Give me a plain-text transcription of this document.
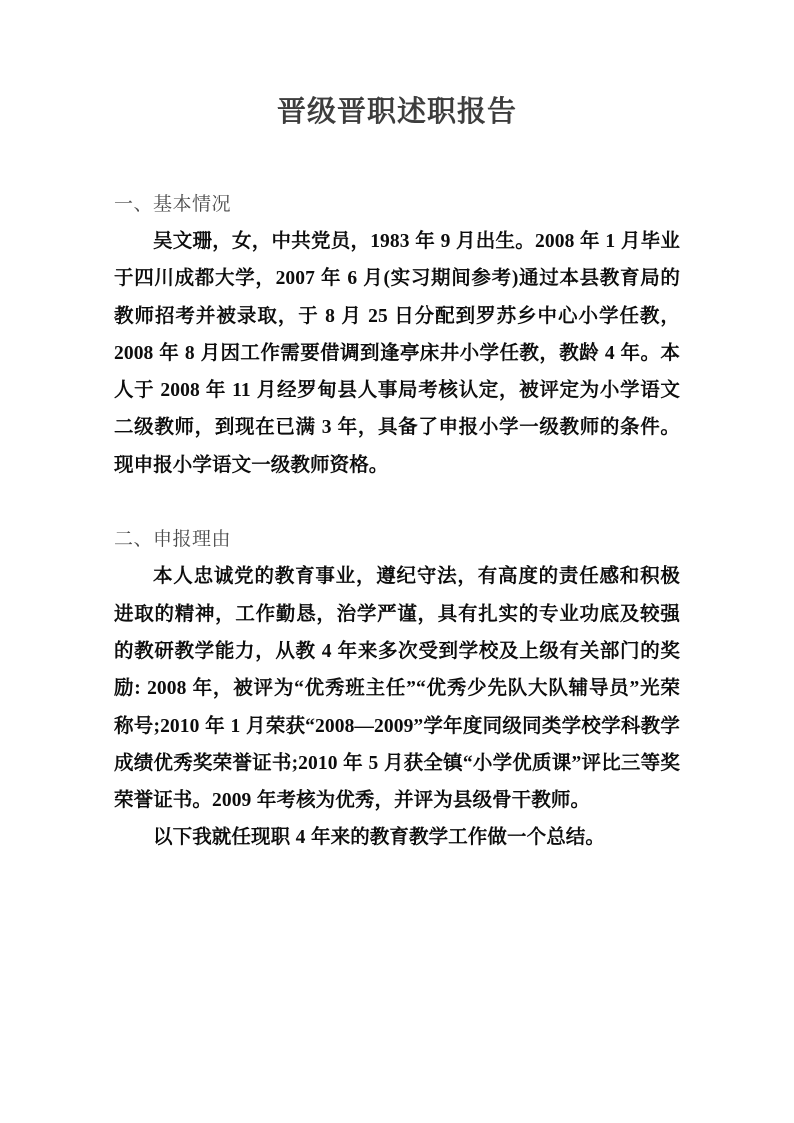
晋级晋职述职报告
一、基本情况

吴文珊，女，中共党员，1983 年 9 月出生。2008 年 1 月毕业于四川成都大学，2007 年 6 月(实习期间参考)通过本县教育局的教师招考并被录取，于 8 月 25 日分配到罗苏乡中心小学任教，2008 年 8 月因工作需要借调到逢亭床井小学任教，教龄 4 年。本人于 2008 年 11 月经罗甸县人事局考核认定，被评定为小学语文二级教师，到现在已满 3 年，具备了申报小学一级教师的条件。现申报小学语文一级教师资格。

二、申报理由

本人忠诚党的教育事业，遵纪守法，有高度的责任感和积极进取的精神，工作勤恳，治学严谨，具有扎实的专业功底及较强的教研教学能力，从教 4 年来多次受到学校及上级有关部门的奖励: 2008 年，被评为“优秀班主任”“优秀少先队大队辅导员”光荣称号;2010 年 1 月荣获“2008—2009”学年度同级同类学校学科教学成绩优秀奖荣誉证书;2010 年 5 月获全镇“小学优质课”评比三等奖荣誉证书。2009 年考核为优秀，并评为县级骨干教师。

以下我就任现职 4 年来的教育教学工作做一个总结。
